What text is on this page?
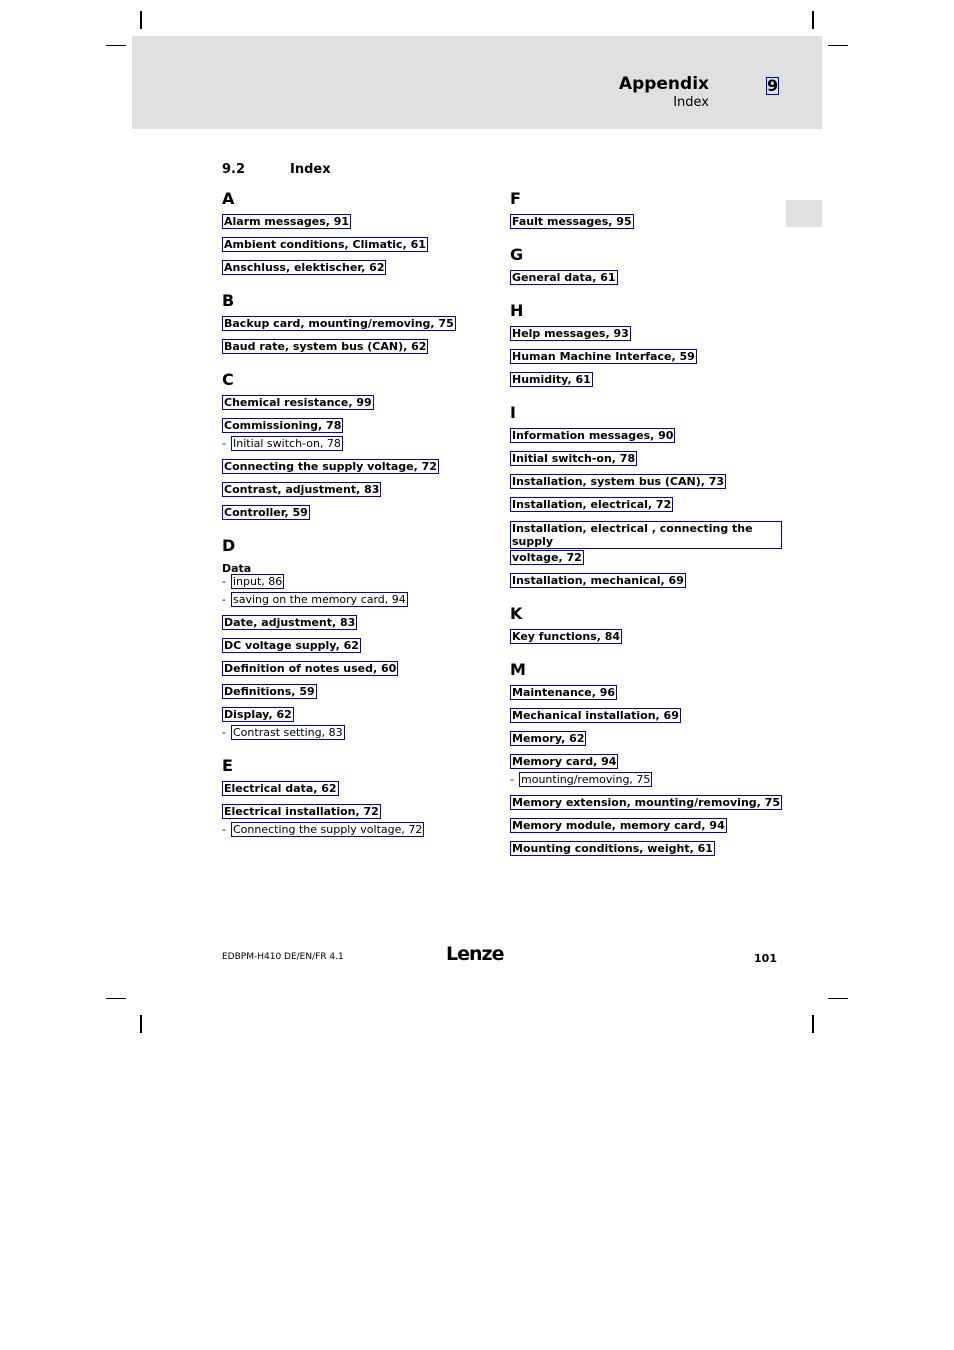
Appendix
Index
9
9.2	Index
A
Alarm messages, 91
Ambient conditions, Climatic, 61
Anschluss, elektischer, 62
B
Backup card, mounting/removing, 75
Baud rate, system bus (CAN), 62
C
Chemical resistance, 99
Commissioning, 78
- Initial switch-on, 78
Connecting the supply voltage, 72
Contrast, adjustment, 83
Controller, 59
D
Data
- input, 86
- saving on the memory card, 94
Date, adjustment, 83
DC voltage supply, 62
Definition of notes used, 60
Definitions, 59
Display, 62
- Contrast setting, 83
E
Electrical data, 62
Electrical installation, 72
- Connecting the supply voltage, 72
F
Fault messages, 95
G
General data, 61
H
Help messages, 93
Human Machine Interface, 59
Humidity, 61
I
Information messages, 90
Initial switch-on, 78
Installation, system bus (CAN), 73
Installation, electrical, 72
Installation, electrical , connecting the supply
voltage, 72
Installation, mechanical, 69
K
Key functions, 84
M
Maintenance, 96
Mechanical installation, 69
Memory, 62
Memory card, 94
- mounting/removing, 75
Memory extension, mounting/removing, 75
Memory module, memory card, 94
Mounting conditions, weight, 61
EDBPM-H410 DE/EN/FR 4.1	Lenze	101
